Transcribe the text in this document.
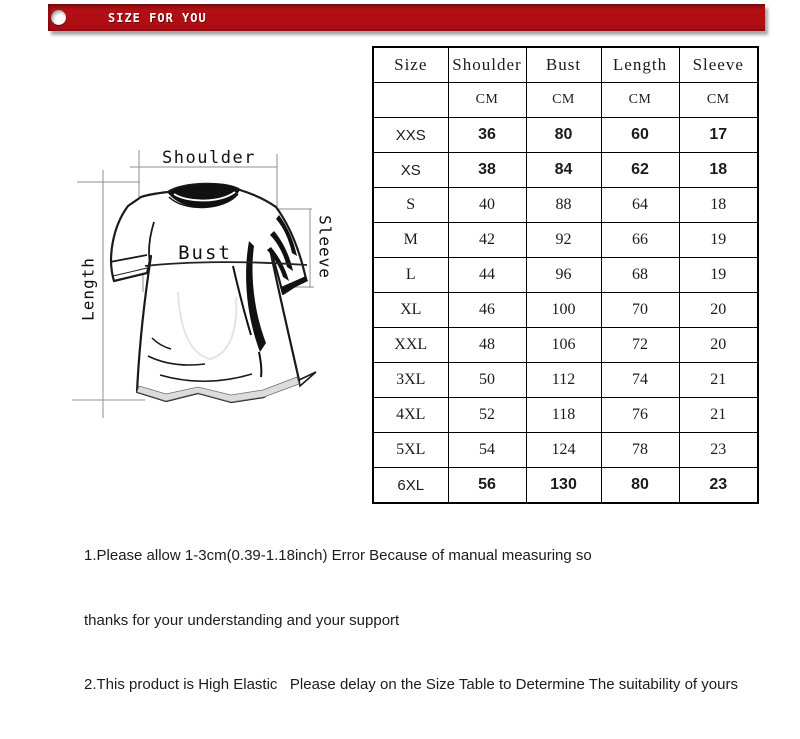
SIZE FOR YOU
Shoulder
Bust
Length
Sleeve
Size	Shoulder	Bust	Length	Sleeve
	CM	CM	CM	CM
XXS	36	80	60	17
XS	38	84	62	18
S	40	88	64	18
M	42	92	66	19
L	44	96	68	19
XL	46	100	70	20
XXL	48	106	72	20
3XL	50	112	74	21
4XL	52	118	76	21
5XL	54	124	78	23
6XL	56	130	80	23

1.Please allow 1-3cm(0.39-1.18inch) Error Because of manual measuring so

thanks for your understanding and your support

2.This product is High Elastic   Please delay on the Size Table to Determine The suitability of yours
